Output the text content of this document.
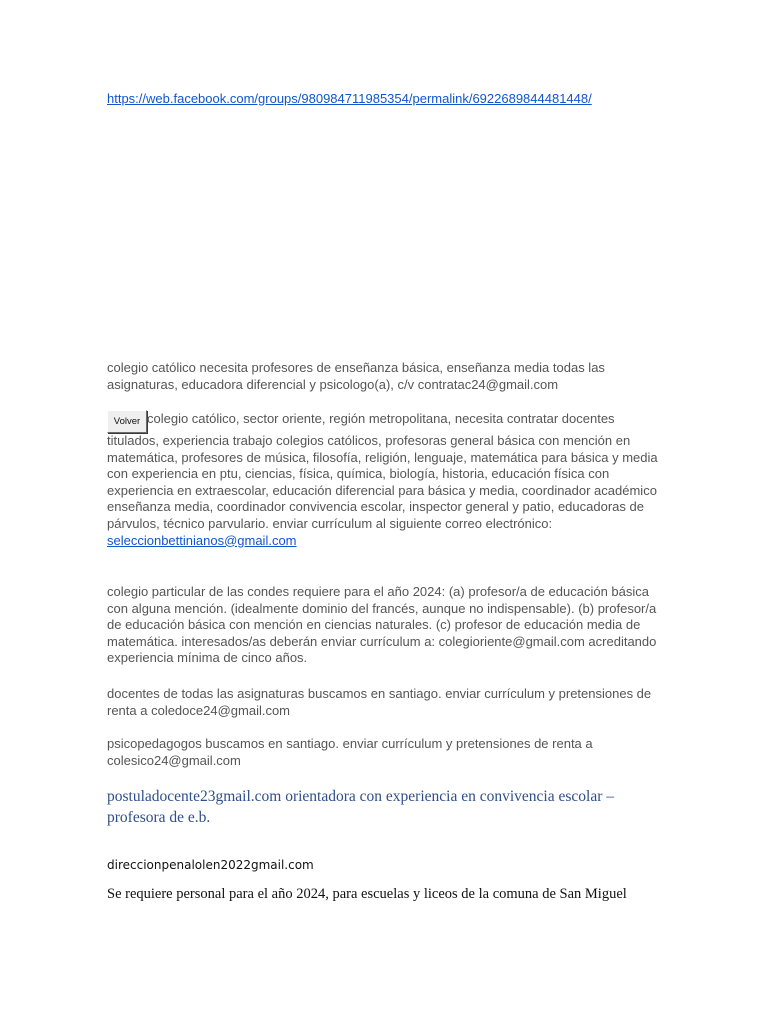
https://web.facebook.com/groups/980984711985354/permalink/6922689844481448/

colegio católico necesita profesores de enseñanza básica, enseñanza media todas las asignaturas, educadora diferencial y psicologo(a), c/v contratac24@gmail.com

Volver colegio católico, sector oriente, región metropolitana, necesita contratar docentes titulados, experiencia trabajo colegios católicos, profesoras general básica con mención en matemática, profesores de música, filosofía, religión, lenguaje, matemática para básica y media con experiencia en ptu, ciencias, física, química, biología, historia, educación física con experiencia en extraescolar, educación diferencial para básica y media, coordinador académico enseñanza media, coordinador convivencia escolar, inspector general y patio, educadoras de párvulos, técnico parvulario. enviar currículum al siguiente correo electrónico:
seleccionbettinianos@gmail.com

colegio particular de las condes requiere para el año 2024: (a) profesor/a de educación básica con alguna mención. (idealmente dominio del francés, aunque no indispensable). (b) profesor/a de educación básica con mención en ciencias naturales. (c) profesor de educación media de matemática. interesados/as deberán enviar currículum a: colegioriente@gmail.com acreditando experiencia mínima de cinco años.

docentes de todas las asignaturas buscamos en santiago. enviar currículum y pretensiones de renta a coledoce24@gmail.com

psicopedagogos buscamos en santiago. enviar currículum y pretensiones de renta a colesico24@gmail.com

postuladocente23gmail.com orientadora con experiencia en convivencia escolar – profesora de e.b.

direccionpenalolen2022gmail.com

Se requiere personal para el año 2024, para escuelas y liceos de la comuna de San Miguel
